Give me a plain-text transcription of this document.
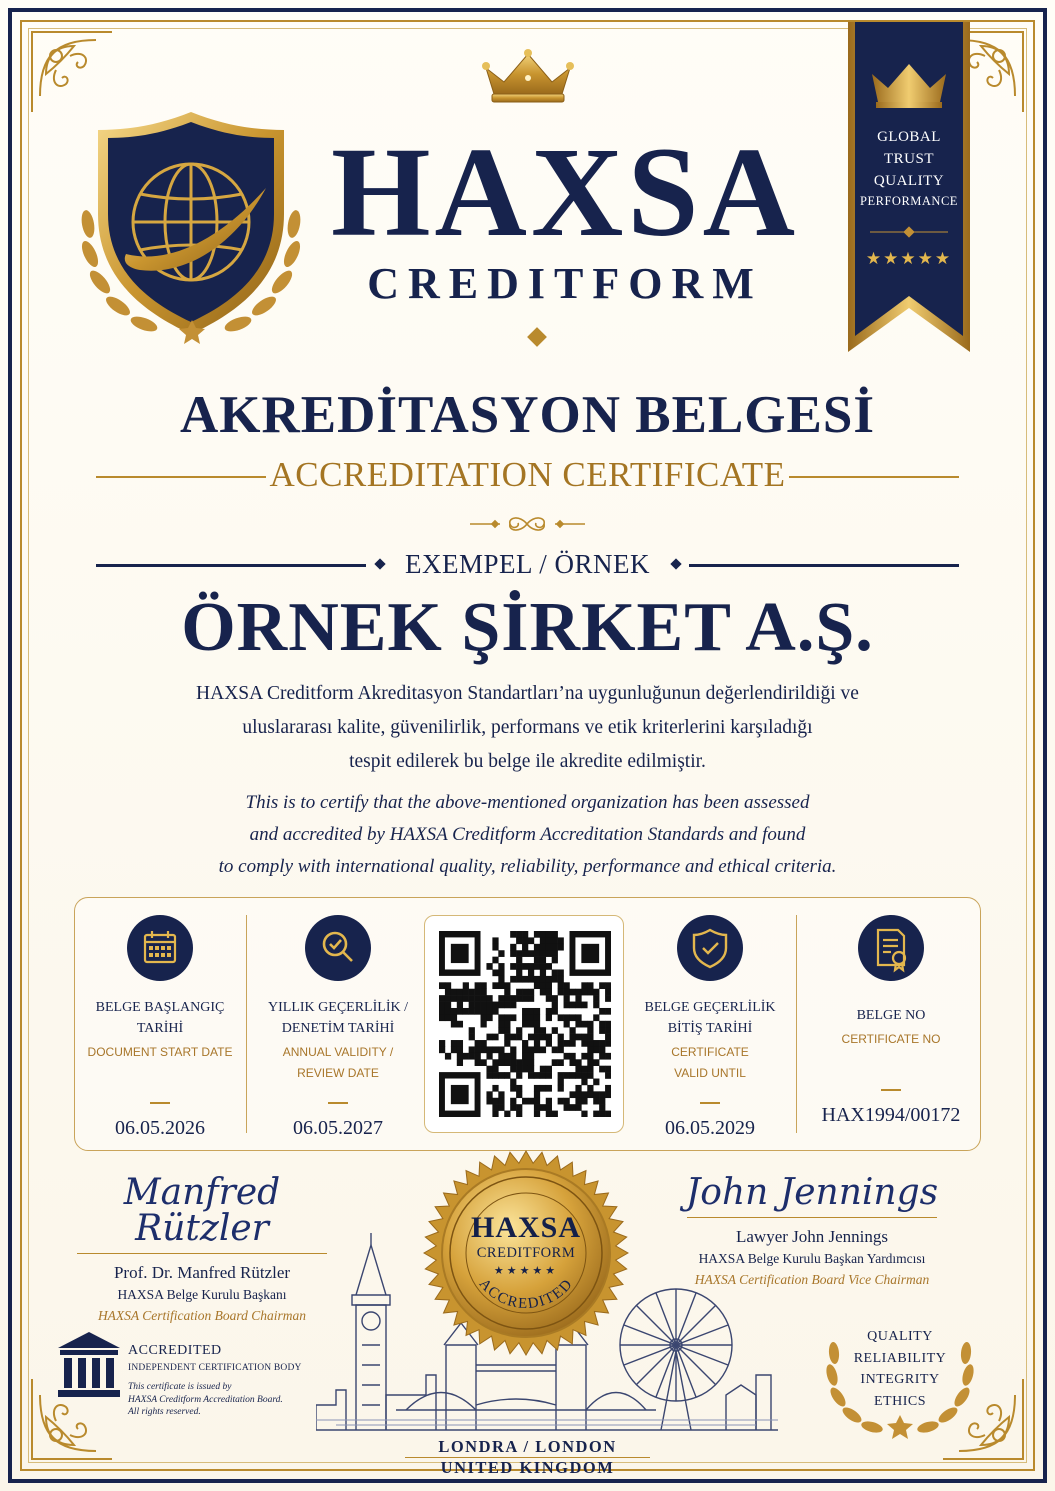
HAXSA
CREDITFORM
GLOBAL
TRUST
QUALITY
PERFORMANCE
★★★★★
AKREDİTASYON BELGESİ
ACCREDITATION CERTIFICATE
EXEMPEL / ÖRNEK
ÖRNEK ŞİRKET A.Ş.
HAXSA Creditform Akreditasyon Standartları’na uygunluğunun değerlendirildiği ve
uluslararası kalite, güvenilirlik, performans ve etik kriterlerini karşıladığı
tespit edilerek bu belge ile akredite edilmiştir.
This is to certify that the above-mentioned organization has been assessed
and accredited by HAXSA Creditform Accreditation Standards and found
to comply with international quality, reliability, performance and ethical criteria.
BELGE BAŞLANGIÇ
TARİHİ
DOCUMENT START DATE
06.05.2026
YILLIK GEÇERLİLİK /
DENETİM TARİHİ
ANNUAL VALIDITY /
REVIEW DATE
06.05.2027
BELGE GEÇERLİLİK
BİTİŞ TARİHİ
CERTIFICATE
VALID UNTIL
06.05.2029
BELGE NO
CERTIFICATE NO
HAX1994/00172
HAXSA
CREDITFORM
★★★★★
ACCREDITED
Manfred Rützler
Prof. Dr. Manfred Rützler
HAXSA Belge Kurulu Başkanı
HAXSA Certification Board Chairman
John Jennings
Lawyer John Jennings
HAXSA Belge Kurulu Başkan Yardımcısı
HAXSA Certification Board Vice Chairman
ACCREDITED
INDEPENDENT CERTIFICATION BODY
This certificate is issued by
HAXSA Creditform Accreditation Board.
All rights reserved.
QUALITY
RELIABILITY
INTEGRITY
ETHICS
LONDRA / LONDON
UNITED KINGDOM
